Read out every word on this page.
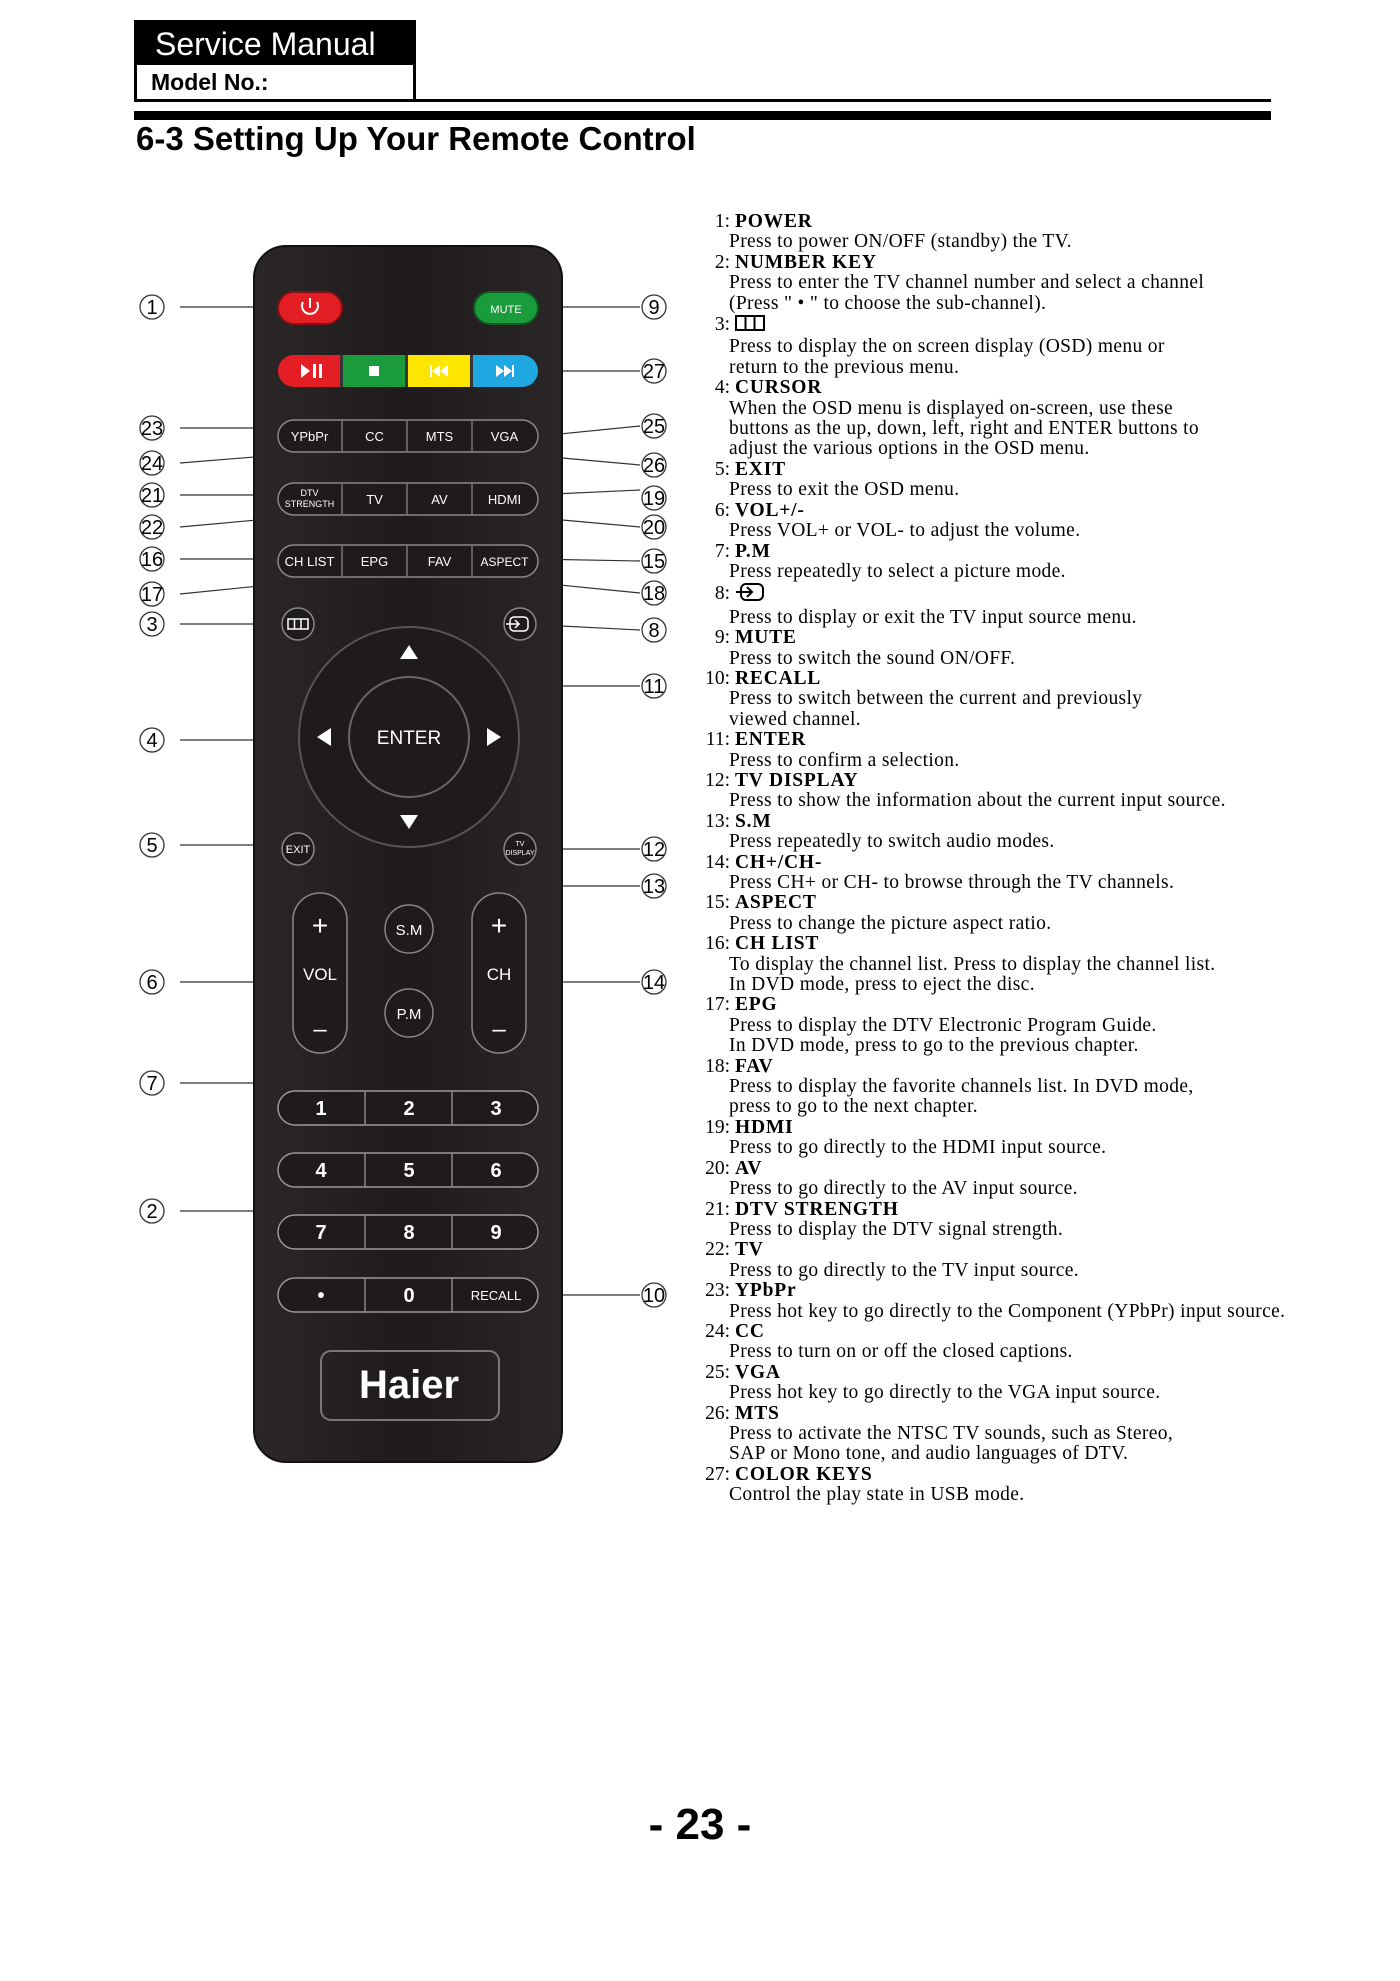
Service Manual
Model No.:
6-3 Setting Up Your Remote Control
MUTE
YPbPr	CC	MTS	VGA
DTV
STRENGTH TV	AV	HDMI
CH LIST EPG	FAV ASPECT
ENTER
EXIT	TV
DISPLAY
+
VOL
–
+
CH
–
S.M
P.M
1	2	3
4	5	6
7	8	9
•	0	RECALL
Haier
1
23
24
21
22
16
17
3
4
5
6
7
2
9
27
25
26
19
20
15
18
8
11
12
13
14
10
1: POWER
Press to power ON/OFF (standby) the TV.
2: NUMBER KEY
Press to enter the TV channel number and select a channel
(Press " • " to choose the sub-channel).
3:
Press to display the on screen display (OSD) menu or
return to the previous menu.
4: CURSOR
When the OSD menu is displayed on-screen, use these
buttons as the up, down, left, right and ENTER buttons to
adjust the various options in the OSD menu.
5: EXIT
Press to exit the OSD menu.
6: VOL+/-
Press VOL+ or VOL- to adjust the volume.
7: P.M
Press repeatedly to select a picture mode.
8:
Press to display or exit the TV input source menu.
9: MUTE
Press to switch the sound ON/OFF.
10: RECALL
Press to switch between the current and previously
viewed channel.
11: ENTER
Press to confirm a selection.
12: TV DISPLAY
Press to show the information about the current input source.
13: S.M
Press repeatedly to switch audio modes.
14: CH+/CH-
Press CH+ or CH- to browse through the TV channels.
15: ASPECT
Press to change the picture aspect ratio.
16: CH LIST
To display the channel list. Press to display the channel list.
In DVD mode, press to eject the disc.
17: EPG
Press to display the DTV Electronic Program Guide.
In DVD mode, press to go to the previous chapter.
18: FAV
Press to display the favorite channels list. In DVD mode,
press to go to the next chapter.
19: HDMI
Press to go directly to the HDMI input source.
20: AV
Press to go directly to the AV input source.
21: DTV STRENGTH
Press to display the DTV signal strength.
22: TV
Press to go directly to the TV input source.
23: YPbPr
Press hot key to go directly to the Component (YPbPr) input source.
24: CC
Press to turn on or off the closed captions.
25: VGA
Press hot key to go directly to the VGA input source.
26: MTS
Press to activate the NTSC TV sounds, such as Stereo,
SAP or Mono tone, and audio languages of DTV.
27: COLOR KEYS
Control the play state in USB mode.
- 23 -
